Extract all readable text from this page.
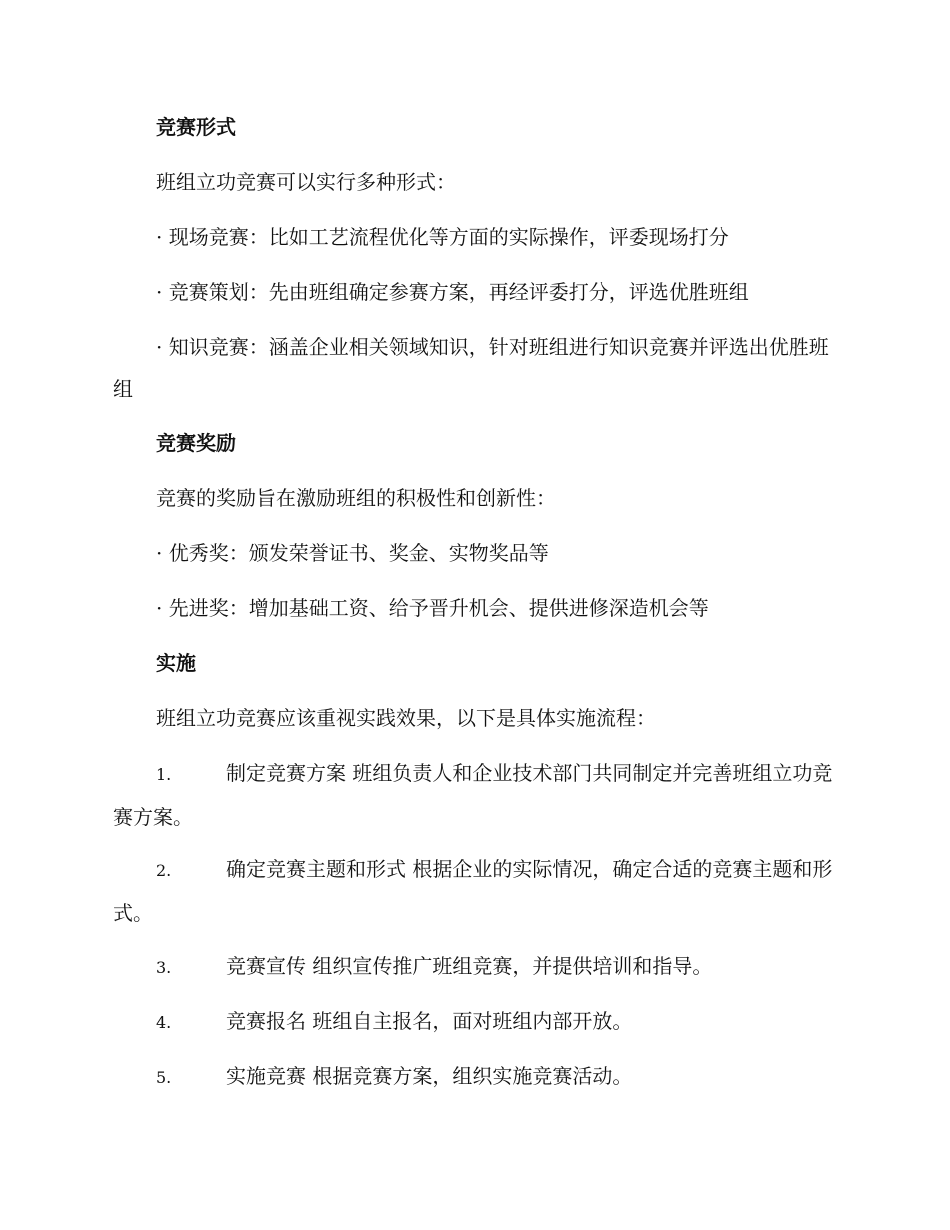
竞赛形式

班组立功竞赛可以实行多种形式：

· 现场竞赛：比如工艺流程优化等方面的实际操作，评委现场打分

· 竞赛策划：先由班组确定参赛方案，再经评委打分，评选优胜班组

· 知识竞赛：涵盖企业相关领域知识，针对班组进行知识竞赛并评选出优胜班组

竞赛奖励

竞赛的奖励旨在激励班组的积极性和创新性：

· 优秀奖：颁发荣誉证书、奖金、实物奖品等

· 先进奖：增加基础工资、给予晋升机会、提供进修深造机会等

实施

班组立功竞赛应该重视实践效果，以下是具体实施流程：

1.	制定竞赛方案 班组负责人和企业技术部门共同制定并完善班组立功竞赛方案。

2.	确定竞赛主题和形式 根据企业的实际情况，确定合适的竞赛主题和形式。

3.	竞赛宣传 组织宣传推广班组竞赛，并提供培训和指导。

4.	竞赛报名 班组自主报名，面对班组内部开放。

5.	实施竞赛 根据竞赛方案，组织实施竞赛活动。
